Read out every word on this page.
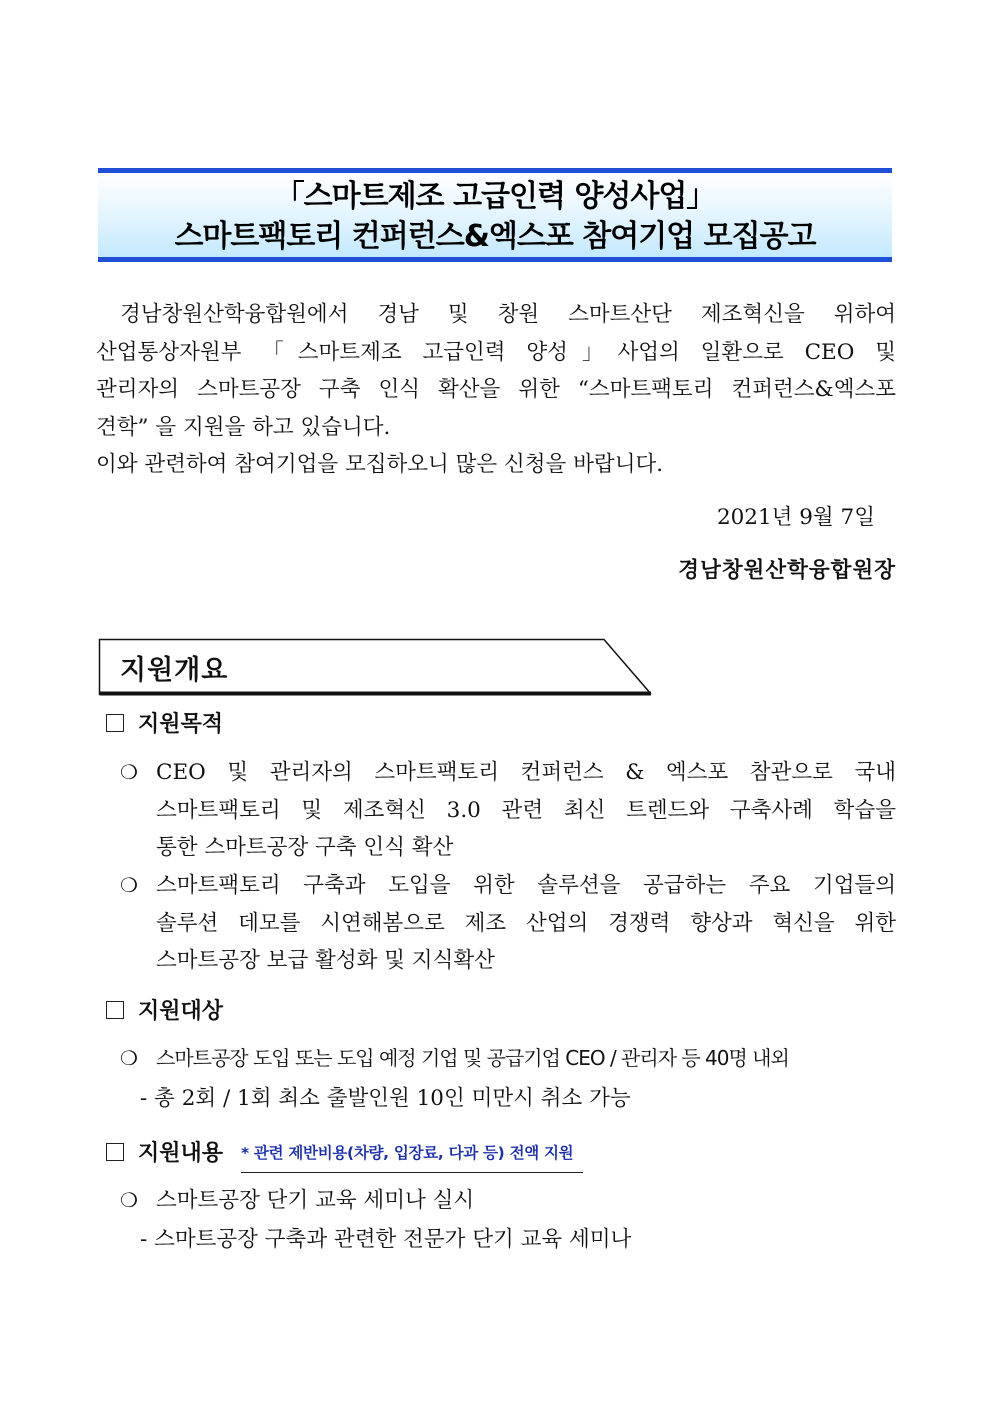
「스마트제조 고급인력 양성사업」
스마트팩토리 컨퍼런스&엑스포 참여기업 모집공고
경남창원산학융합원에서 경남 및 창원 스마트산단 제조혁신을 위하여
산업통상자원부 「스마트제조 고급인력 양성」사업의 일환으로 CEO 및
관리자의 스마트공장 구축 인식 확산을 위한 “스마트팩토리 컨퍼런스&엑스포
견학” 을 지원을 하고 있습니다.
이와 관련하여 참여기업을 모집하오니 많은 신청을 바랍니다.
2021년 9월 7일
경남창원산학융합원장
지원개요
지원목적
❍ CEO 및 관리자의 스마트팩토리 컨퍼런스 & 엑스포 참관으로 국내
스마트팩토리 및 제조혁신 3.0 관련 최신 트렌드와 구축사례 학습을
통한 스마트공장 구축 인식 확산
❍ 스마트팩토리 구축과 도입을 위한 솔루션을 공급하는 주요 기업들의
솔루션 데모를 시연해봄으로 제조 산업의 경쟁력 향상과 혁신을 위한
스마트공장 보급 활성화 및 지식확산
지원대상
❍ 스마트공장 도입 또는 도입 예정 기업 및 공급기업 CEO / 관리자 등 40명 내외
- 총 2회 / 1회 최소 출발인원 10인 미만시 취소 가능
지원내용 * 관련 제반비용(차량, 입장료, 다과 등) 전액 지원
❍ 스마트공장 단기 교육 세미나 실시
- 스마트공장 구축과 관련한 전문가 단기 교육 세미나
